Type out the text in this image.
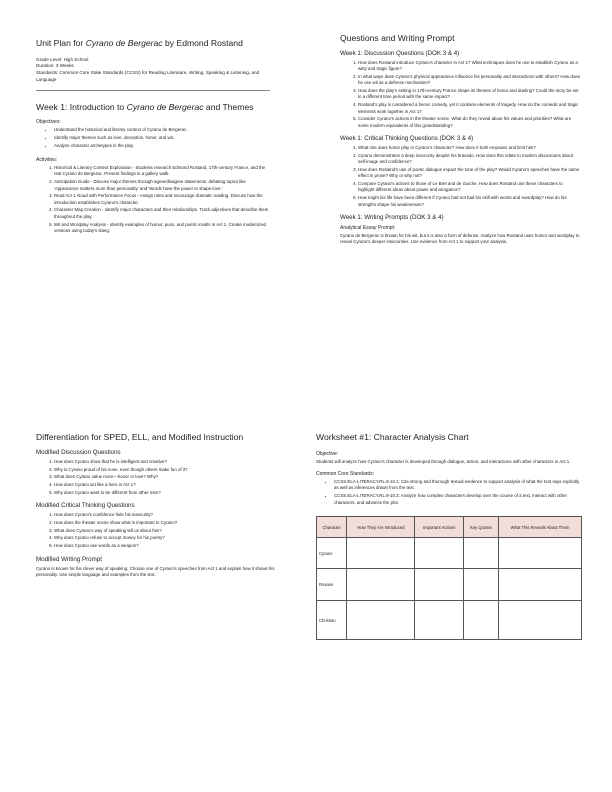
Unit Plan for Cyrano de Bergerac by Edmond Rostand
Grade Level: High School
Duration: 3 Weeks
Standards: Common Core State Standards (CCSS) for Reading Literature, Writing, Speaking & Listening, and Language
Week 1: Introduction to Cyrano de Bergerac and Themes
Objectives:
• Understand the historical and literary context of Cyrano de Bergerac.
• Identify major themes such as love, deception, honor, and wit.
• Analyze character archetypes in the play.
Activities:
1. Historical & Literary Context Exploration - Students research Edmond Rostand, 17th-century France, and the real Cyrano de Bergerac. Present findings in a gallery walk.
2. Anticipation Guide - Discuss major themes through agree/disagree statements, debating topics like 'Appearance matters more than personality' and 'Words have the power to shape love.'
3. Read Act 1 Aloud with Performance Focus - Assign roles and encourage dramatic reading. Discuss how the introduction establishes Cyrano's character.
4. Character Map Creation - Identify major characters and their relationships. Track adjectives that describe them throughout the play.
5. Wit and Wordplay Analysis - Identify examples of humor, puns, and poetic insults in Act 1. Create modernized versions using today's slang.
Questions and Writing Prompt
Week 1: Discussion Questions (DOK 3 & 4)
1. How does Rostand introduce Cyrano's character in Act 1? What techniques does he use to establish Cyrano as a witty and tragic figure?
2. In what ways does Cyrano's physical appearance influence his personality and interactions with others? How does he use wit as a defense mechanism?
3. How does the play's setting in 17th-century France shape its themes of honor and dueling? Could the story be set in a different time period with the same impact?
4. Rostand's play is considered a heroic comedy, yet it contains elements of tragedy. How do the comedic and tragic elements work together in Act 1?
5. Consider Cyrano's actions in the theater scene. What do they reveal about his values and priorities? What are some modern equivalents of this grandstanding?
Week 1: Critical Thinking Questions (DOK 3 & 4)
1. What role does honor play in Cyrano's character? How does it both empower and limit him?
2. Cyrano demonstrates a deep insecurity despite his bravado. How does this relate to modern discussions about self-image and confidence?
3. How does Rostand's use of poetic dialogue impact the tone of the play? Would Cyrano's speeches have the same effect in prose? Why or why not?
4. Compare Cyrano's actions to those of Le Bret and de Guiche. How does Rostand use these characters to highlight different ideas about power and arrogance?
5. How might his life have been different if Cyrano had not had his skill with words and swordplay? How do his strengths shape his weaknesses?
Week 1: Writing Prompts (DOK 3 & 4)
Analytical Essay Prompt:

Cyrano de Bergerac is known for his wit, but it is also a form of defense. Analyze how Rostand uses humor and wordplay to reveal Cyrano's deeper insecurities. Use evidence from Act 1 to support your analysis.

Differentiation for SPED, ELL, and Modified Instruction
Modified Discussion Questions
1. How does Cyrano show that he is intelligent and creative?
2. Why is Cyrano proud of his nose, even though others make fun of it?
3. What does Cyrano value more—honor or love? Why?
4. How does Cyrano act like a hero in Act 1?
5. Why does Cyrano want to be different from other men?
Modified Critical Thinking Questions
1. How does Cyrano's confidence hide his insecurity?
2. How does the theater scene show what is important to Cyrano?
3. What does Cyrano's way of speaking tell us about him?
4. Why does Cyrano refuse to accept money for his poetry?
5. How does Cyrano use words as a weapon?
Modified Writing Prompt

Cyrano is known for his clever way of speaking. Choose one of Cyrano's speeches from Act 1 and explain how it shows his personality. Use simple language and examples from the text.

Worksheet #1: Character Analysis Chart
Objective:

Students will analyze how Cyrano's character is developed through dialogue, action, and interactions with other characters in Act 1.

Common Core Standards:
• CCSS.ELA-LITERACY.RL.9-10.1: Cite strong and thorough textual evidence to support analysis of what the text says explicitly as well as inferences drawn from the text.
• CCSS.ELA-LITERACY.RL.9-10.3: Analyze how complex characters develop over the course of a text, interact with other characters, and advance the plot.
Character	How They Are Introduced	Important Actions	Key Quotes	What This Reveals About Them
Cyrano				
Roxane				
Christian				
